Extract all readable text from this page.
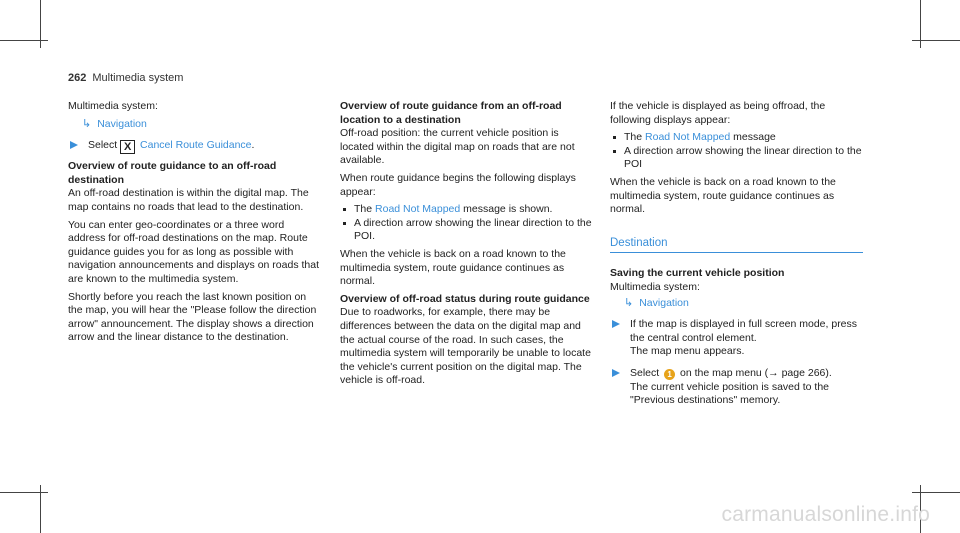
262 Multimedia system

Multimedia system:

↳ Navigation
Select X Cancel Route Guidance.

Overview of route guidance to an off-road destination

An off-road destination is within the digital map. The map contains no roads that lead to the destination.

You can enter geo-coordinates or a three word address for off-road destinations on the map. Route guidance guides you for as long as possible with navigation announcements and displays on roads that are known to the multimedia system.

Shortly before you reach the last known position on the map, you will hear the "Please follow the direction arrow" announcement. The display shows a direction arrow and the linear distance to the destination.

Overview of route guidance from an off-road location to a destination

Off-road position: the current vehicle position is located within the digital map on roads that are not available.

When route guidance begins the following displays appear:

The Road Not Mapped message is shown.
A direction arrow showing the linear direction to the POI.

When the vehicle is back on a road known to the multimedia system, route guidance continues as normal.

Overview of off-road status during route guidance

Due to roadworks, for example, there may be differences between the data on the digital map and the actual course of the road. In such cases, the multimedia system will temporarily be unable to locate the vehicle's current position on the digital map. The vehicle is off-road.

If the vehicle is displayed as being offroad, the following displays appear:

The Road Not Mapped message
A direction arrow showing the linear direction to the POI

When the vehicle is back on a road known to the multimedia system, route guidance continues as normal.

Destination

Saving the current vehicle position

Multimedia system:

↳ Navigation
If the map is displayed in full screen mode, press the central control element.
The map menu appears.
Select 1 on the map menu (→ page 266).
The current vehicle position is saved to the "Previous destinations" memory.
carmanualsonline.info
